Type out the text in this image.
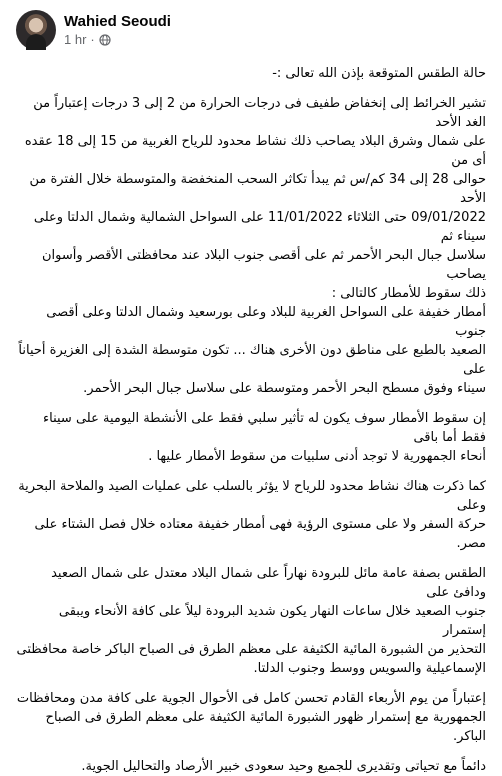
Wahied Seoudi
1 hr ·
حالة الطقس المتوقعة بإذن الله تعالى :-
تشير الخرائط إلى إنخفاض طفيف فى درجات الحرارة من 2 إلى 3 درجات إعتباراً من الغد الأحد
على شمال وشرق البلاد يصاحب ذلك نشاط محدود للرياح الغربية من 15 إلى 18 عقده أى من
حوالى 28 إلى 34 كم/س ثم يبدأ تكاثر السحب المنخفضة والمتوسطة خلال الفترة من الأحد
09/01/2022 حتى الثلاثاء 11/01/2022 على السواحل الشمالية وشمال الدلتا وعلى سيناء ثم
سلاسل جبال البحر الأحمر ثم على أقصى جنوب البلاد عند محافظتى الأقصر وأسوان يصاحب
ذلك سقوط للأمطار كالتالى :
أمطار خفيفة على السواحل الغربية للبلاد وعلى بورسعيد وشمال الدلتا وعلى أقصى جنوب
الصعيد بالطبع على مناطق دون الأخرى هناك ... تكون متوسطة الشدة إلى الغزيرة أحياناً على
سيناء وفوق مسطح البحر الأحمر ومتوسطة على سلاسل جبال البحر الأحمر.
إن سقوط الأمطار سوف يكون له تأثير سلبي فقط على الأنشطة اليومية على سيناء فقط أما باقى
أنحاء الجمهورية لا توجد أدنى سلبيات من سقوط الأمطار عليها .
كما ذكرت هناك نشاط محدود للرياح لا يؤثر بالسلب على عمليات الصيد والملاحة البحرية وعلى
حركة السفر ولا على مستوى الرؤية فهى أمطار خفيفة معتاده خلال فصل الشتاء على مصر.
الطقس بصفة عامة مائل للبرودة نهاراً على شمال البلاد معتدل على شمال الصعيد ودافئ على
جنوب الصعيد خلال ساعات النهار يكون شديد البرودة ليلاً على كافة الأنحاء ويبقى إستمرار
التحذير من الشبورة المائية الكثيفة على معظم الطرق فى الصباح الباكر خاصة محافظتى
الإسماعيلية والسويس ووسط وجنوب الدلتا.
إعتباراً من يوم الأربعاء القادم تحسن كامل فى الأحوال الجوية على كافة مدن ومحافظات
الجمهورية مع إستمرار ظهور الشبورة المائية الكثيفة على معظم الطرق فى الصباح الباكر.
دائماً مع تحياتى وتقديرى للجميع وحيد سعودى خبير الأرصاد والتحاليل الجوية.
